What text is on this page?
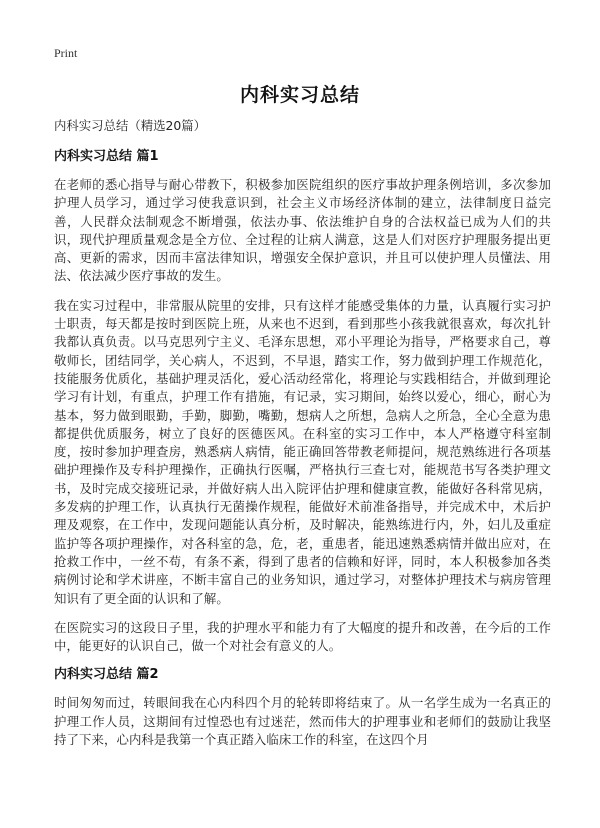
Print
内科实习总结

内科实习总结（精选20篇）

内科实习总结 篇1

在老师的悉心指导与耐心带教下，积极参加医院组织的医疗事故护理条例培训，多次参加护理人员学习，通过学习使我意识到，社会主义市场经济体制的建立，法律制度日益完善，人民群众法制观念不断增强，依法办事、依法维护自身的合法权益已成为人们的共识，现代护理质量观念是全方位、全过程的让病人满意，这是人们对医疗护理服务提出更高、更新的需求，因而丰富法律知识，增强安全保护意识，并且可以使护理人员懂法、用法、依法减少医疗事故的发生。

我在实习过程中，非常服从院里的安排，只有这样才能感受集体的力量，认真履行实习护士职责，每天都是按时到医院上班，从来也不迟到，看到那些小孩我就很喜欢，每次扎针我都认真负责。以马克思列宁主义、毛泽东思想，邓小平理论为指导，严格要求自己，尊敬师长，团结同学，关心病人，不迟到，不早退，踏实工作，努力做到护理工作规范化，技能服务优质化，基础护理灵活化，爱心活动经常化，将理论与实践相结合，并做到理论学习有计划，有重点，护理工作有措施，有记录，实习期间，始终以爱心，细心，耐心为基本，努力做到眼勤，手勤，脚勤，嘴勤，想病人之所想，急病人之所急，全心全意为患都提供优质服务，树立了良好的医德医风。在科室的实习工作中，本人严格遵守科室制度，按时参加护理查房，熟悉病人病情，能正确回答带教老师提问，规范熟练进行各项基础护理操作及专科护理操作，正确执行医嘱，严格执行三查七对，能规范书写各类护理文书，及时完成交接班记录，并做好病人出入院评估护理和健康宣教，能做好各科常见病，多发病的护理工作，认真执行无菌操作规程，能做好术前准备指导，并完成术中，术后护理及观察，在工作中，发现问题能认真分析，及时解决，能熟练进行内，外，妇儿及重症监护等各项护理操作，对各科室的急，危，老，重患者，能迅速熟悉病情并做出应对，在抢救工作中，一丝不苟，有条不紊，得到了患者的信赖和好评，同时，本人积极参加各类病例讨论和学术讲座，不断丰富自己的业务知识，通过学习，对整体护理技术与病房管理知识有了更全面的认识和了解。

在医院实习的这段日子里，我的护理水平和能力有了大幅度的提升和改善，在今后的工作中，能更好的认识自己，做一个对社会有意义的人。

内科实习总结 篇2

时间匆匆而过，转眼间我在心内科四个月的轮转即将结束了。从一名学生成为一名真正的护理工作人员，这期间有过惶恐也有过迷茫，然而伟大的护理事业和老师们的鼓励让我坚持了下来，心内科是我第一个真正踏入临床工作的科室，在这四个月
